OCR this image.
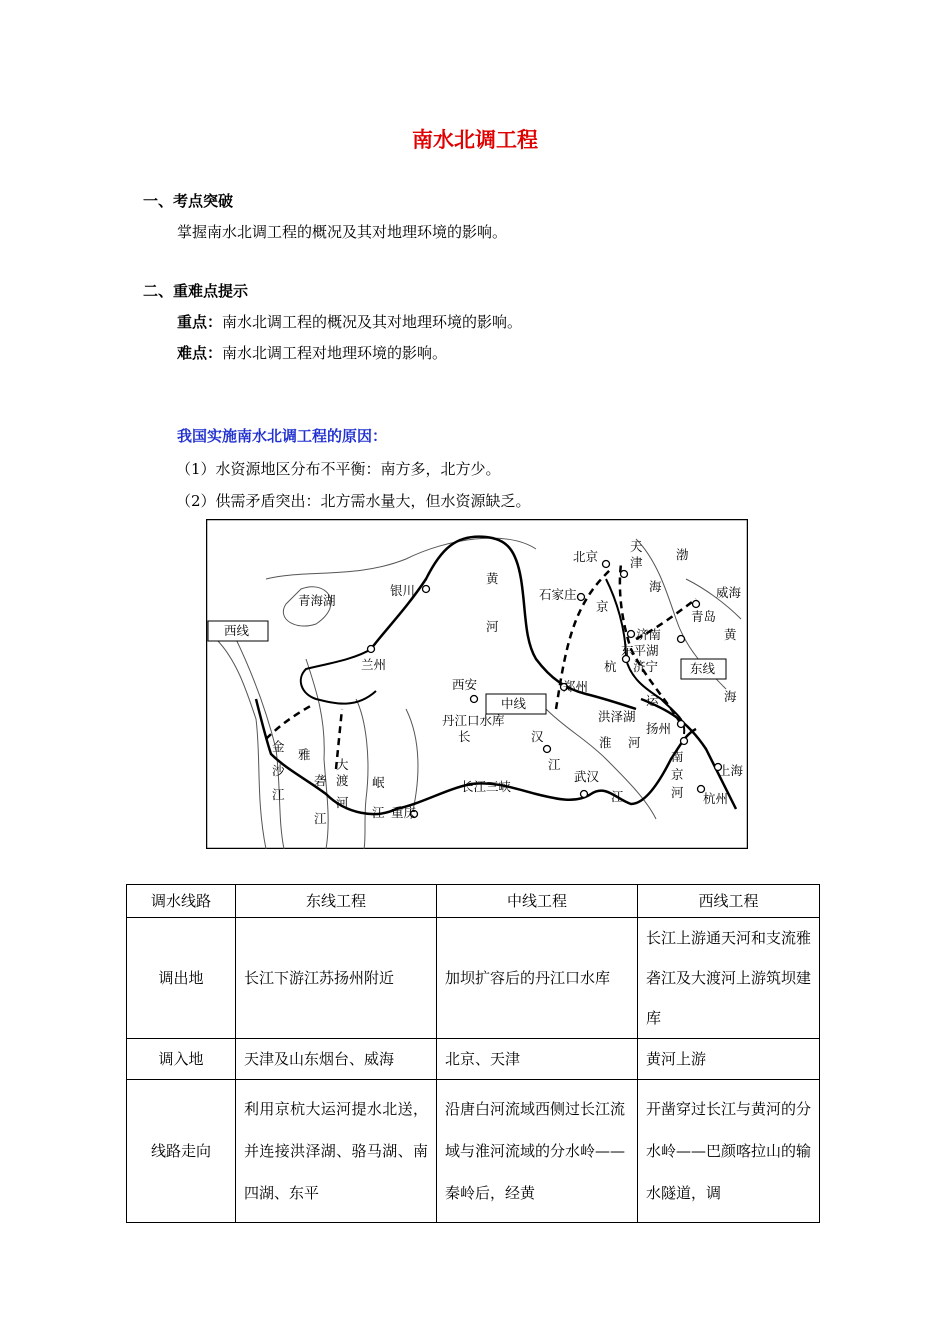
南水北调工程
一、考点突破
掌握南水北调工程的概况及其对地理环境的影响。
二、重难点提示
重点：南水北调工程的概况及其对地理环境的影响。
难点：南水北调工程对地理环境的影响。
我国实施南水北调工程的原因：
（1）水资源地区分布不平衡：南方多，北方少。
（2）供需矛盾突出：北方需水量大，但水资源缺乏。
北京
天
津
渤
海
青海湖
银川
黄
河
石家庄
京
威海
济南	黄
杭
东平湖
青岛
济宁
西线
兰州
西安	郑州
东线
中线	运	海
洪泽湖
扬州
丹江口水库
汉
江
淮 河
南
京
河
上海
杭州
武汉
江
长
长江三峡
金
沙
江
雅
砻
江
大
渡
河
岷
江 重庆
调水线路	东线工程	中线工程	西线工程
调出地	长江下游江苏扬州附近	加坝扩容后的丹江口水库	长江上游通天河和支流雅砻江及大渡河上游筑坝建库
调入地	天津及山东烟台、威海	北京、天津	黄河上游
线路走向	利用京杭大运河提水北送，并连接洪泽湖、骆马湖、南四湖、东平	沿唐白河流域西侧过长江流域与淮河流域的分水岭——秦岭后，经黄	开凿穿过长江与黄河的分水岭——巴颜喀拉山的输水隧道，调
